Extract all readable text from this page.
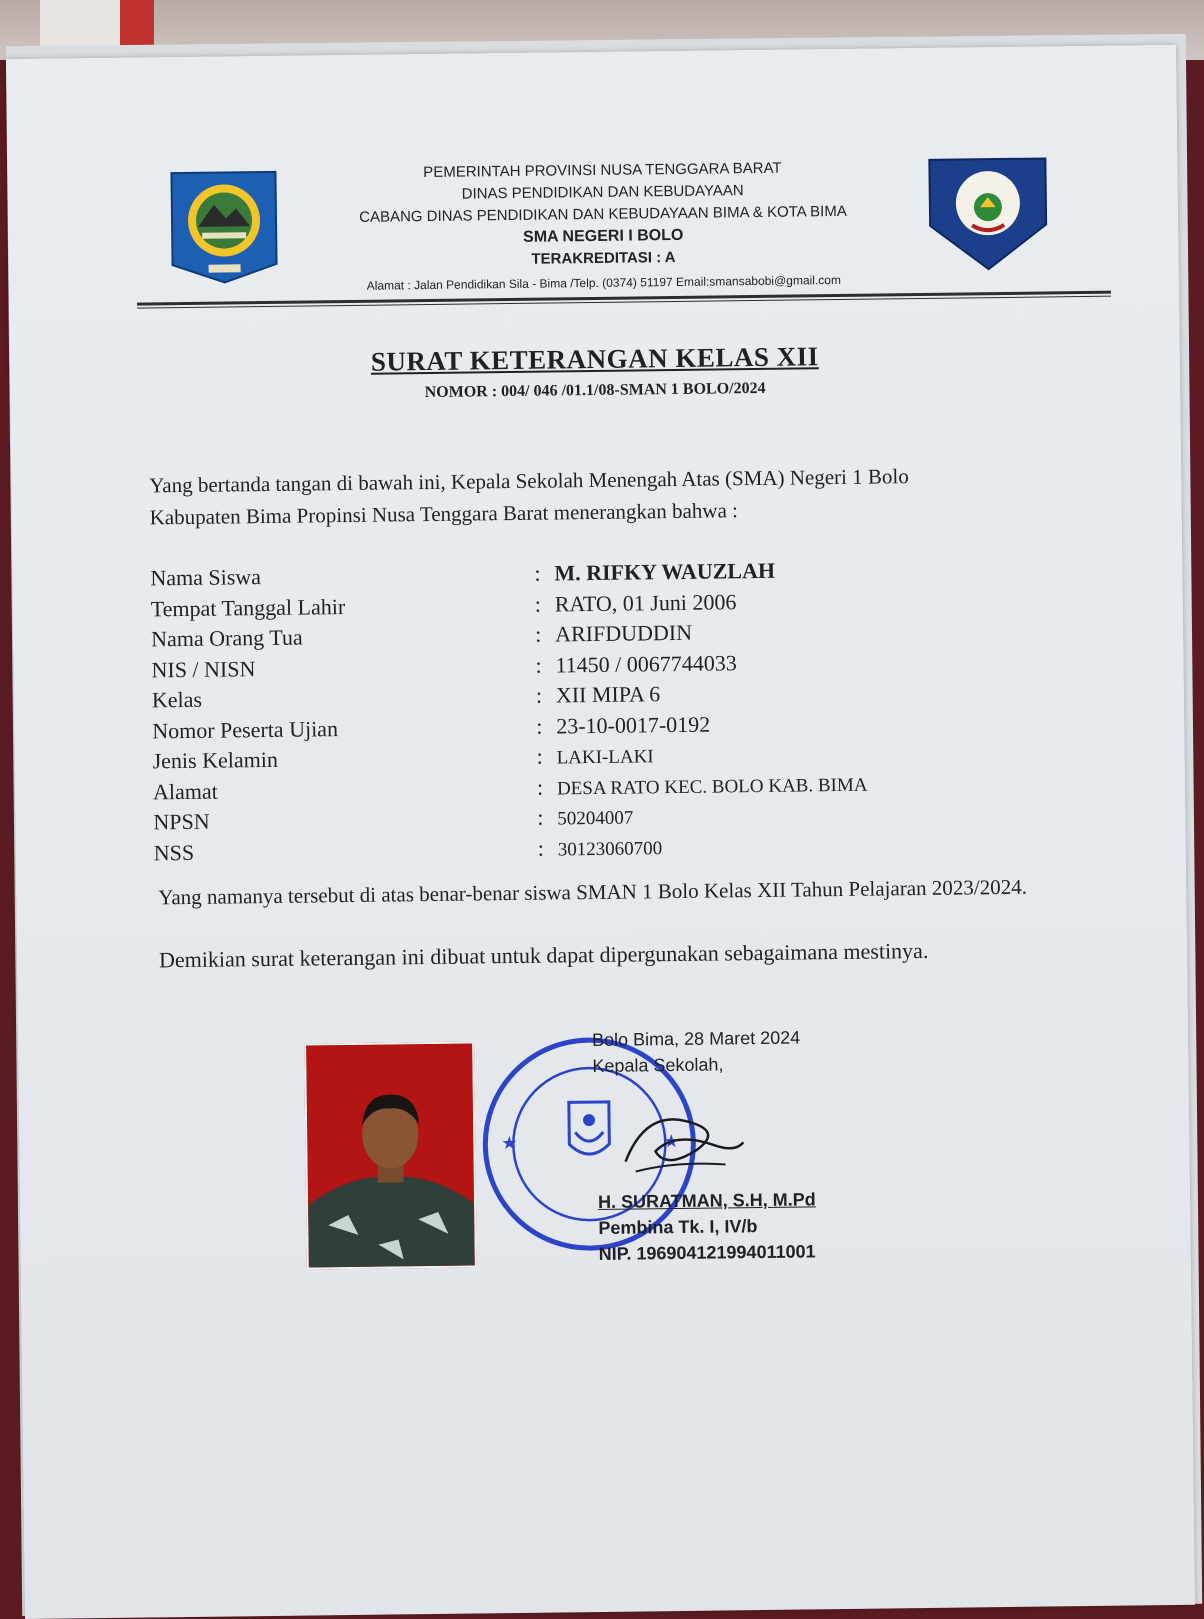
PEMERINTAH PROVINSI NUSA TENGGARA BARAT
DINAS PENDIDIKAN DAN KEBUDAYAAN
CABANG DINAS PENDIDIKAN DAN KEBUDAYAAN BIMA & KOTA BIMA
SMA NEGERI I BOLO
TERAKREDITASI : A
Alamat : Jalan Pendidikan Sila - Bima /Telp. (0374) 51197 Email:smansabobi@gmail.com
SURAT KETERANGAN KELAS XII
NOMOR : 004/ 046 /01.1/08-SMAN 1 BOLO/2024
Yang bertanda tangan di bawah ini, Kepala Sekolah Menengah Atas (SMA) Negeri 1 Bolo
Kabupaten Bima Propinsi Nusa Tenggara Barat menerangkan bahwa :
Nama Siswa	: M. RIFKY WAUZLAH
Tempat Tanggal Lahir	: RATO, 01 Juni 2006
Nama Orang Tua	: ARIFDUDDIN
NIS / NISN	: 11450 / 0067744033
Kelas	: XII MIPA 6
Nomor Peserta Ujian	: 23-10-0017-0192
Jenis Kelamin	: LAKI-LAKI
Alamat	: DESA RATO KEC. BOLO KAB. BIMA
NPSN	: 50204007
NSS	: 30123060700
Yang namanya tersebut di atas benar-benar siswa SMAN 1 Bolo Kelas XII Tahun Pelajaran 2023/2024.
Demikian surat keterangan ini dibuat untuk dapat dipergunakan sebagaimana mestinya.
★	★
Bolo Bima, 28 Maret 2024
Kepala Sekolah,
H. SURATMAN, S.H, M.Pd
Pembina Tk. I, IV/b
NIP. 196904121994011001
